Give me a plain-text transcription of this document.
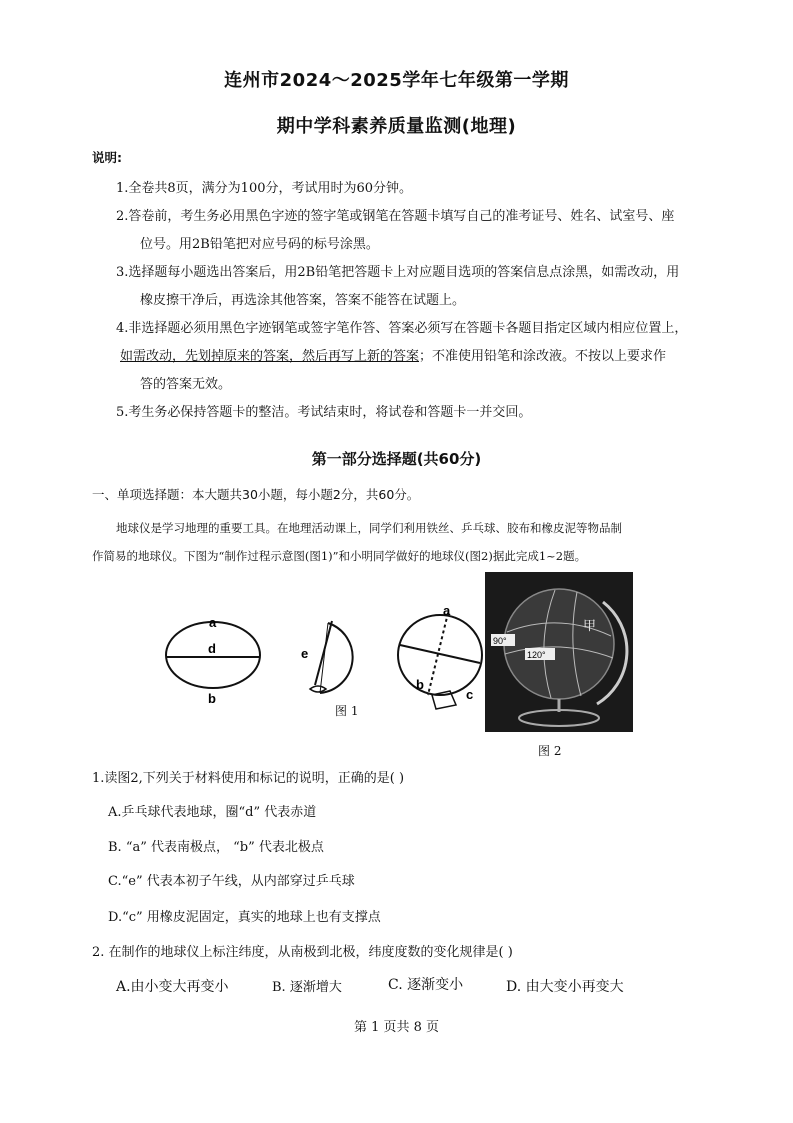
连州市2024～2025学年七年级第一学期
期中学科素养质量监测(地理)
说明:
1.全卷共8页，满分为100分，考试用时为60分钟。
2.答卷前，考生务必用黑色字迹的签字笔或钢笔在答题卡填写自己的准考证号、姓名、试室号、座
位号。用2B铅笔把对应号码的标号涂黑。
3.选择题每小题选出答案后，用2B铅笔把答题卡上对应题目选项的答案信息点涂黑，如需改动，用
橡皮擦干净后，再选涂其他答案，答案不能答在试题上。
4.非选择题必须用黑色字迹钢笔或签字笔作答、答案必须写在答题卡各题目指定区域内相应位置上，
如需改动，先划掉原来的答案，然后再写上新的答案；不准使用铅笔和涂改液。不按以上要求作
答的答案无效。
5.考生务必保持答题卡的整洁。考试结束时，将试卷和答题卡一并交回。
第一部分选择题(共60分)
一、单项选择题：本大题共30小题，每小题2分，共60分。
地球仪是学习地理的重要工具。在地理活动课上，同学们利用铁丝、乒乓球、胶布和橡皮泥等物品制
作简易的地球仪。下图为“制作过程示意图(图1)”和小明同学做好的地球仪(图2)据此完成1~2题。
a
d
b
e
a
b
c
图 1
90°
120°
甲
图 2
1.读图2,下列关于材料使用和标记的说明，正确的是( )
A.乒乓球代表地球，圈“d” 代表赤道
B. “a” 代表南极点， “b” 代表北极点
C.“e” 代表本初子午线，从内部穿过乒乓球
D.“c” 用橡皮泥固定，真实的地球上也有支撑点
2. 在制作的地球仪上标注纬度，从南极到北极，纬度度数的变化规律是( )
A.由小变大再变小	B. 逐渐增大	C. 逐渐变小	D. 由大变小再变大
第 1 页共 8 页
